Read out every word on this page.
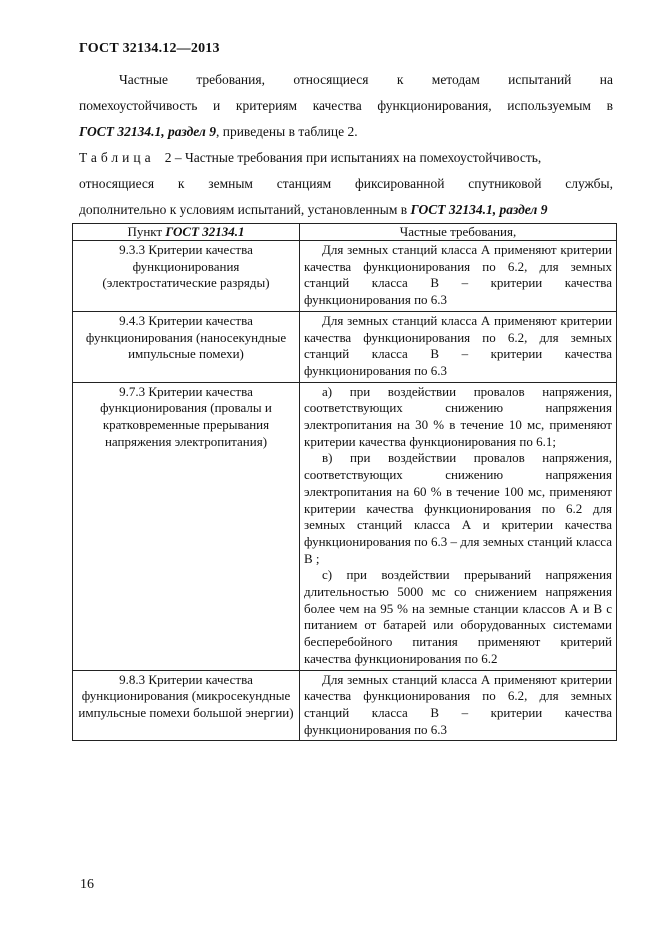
ГОСТ 32134.12—2013
Частные требования, относящиеся к методам испытаний на
помехоустойчивость и критериям качества функционирования, используемым в
ГОСТ 32134.1, раздел 9, приведены в таблице 2.
Таблица 2 – Частные требования при испытаниях на помехоустойчивость,
относящиеся к земным станциям фиксированной спутниковой службы,
дополнительно к условиям испытаний, установленным в ГОСТ 32134.1, раздел 9
Пункт ГОСТ 32134.1	Частные требования,
9.3.3 Критерии качества функционирования (электростатические разряды)	Для земных станций класса А применяют критерии качества функционирования по 6.2, для земных станций класса В – критерии качества функционирования по 6.3

9.4.3 Критерии качества функционирования (наносекундные импульсные помехи)	Для земных станций класса А применяют критерии качества функционирования по 6.2, для земных станций класса В – критерии качества функционирования по 6.3

9.7.3 Критерии качества функционирования (провалы и кратковременные прерывания напряжения электропитания)	а) при воздействии провалов напряжения, соответствующих снижению напряжения электропитания на 30 % в течение 10 мс, применяют критерии качества функционирования по 6.1;
в) при воздействии провалов напряжения, соответствующих снижению напряжения электропитания на 60 % в течение 100 мс, применяют критерии качества функционирования по 6.2 для земных станций класса А и критерии качества функционирования по 6.3 – для земных станций класса В ;
с) при воздействии прерываний напряжения длительностью 5000 мс со снижением напряжения более чем на 95 % на земные станции классов А и В с питанием от батарей или оборудованных системами бесперебойного питания применяют критерий качества функционирования по 6.2

9.8.3 Критерии качества функционирования (микросекундные импульсные помехи большой энергии)	Для земных станций класса А применяют критерии качества функционирования по 6.2, для земных станций класса В – критерии качества функционирования по 6.3
16
